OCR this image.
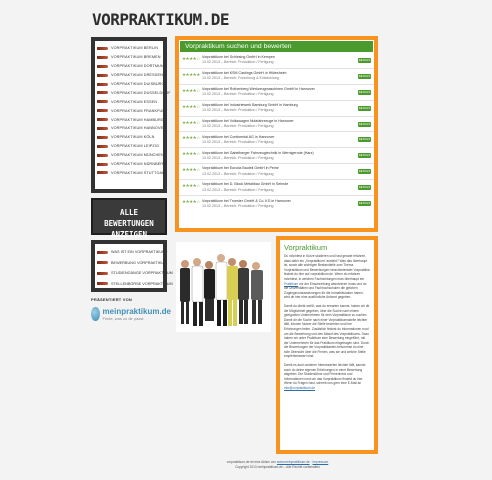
VORPRAKTIKUM.DE
VORPRAKTIKUM BERLIN
VORPRAKTIKUM BREMEN
VORPRAKTIKUM DORTMUND
VORPRAKTIKUM DRESDEN
VORPRAKTIKUM DUISBURG
VORPRAKTIKUM DÜSSELDORF
VORPRAKTIKUM ESSEN
VORPRAKTIKUM FRANKFURT
VORPRAKTIKUM HAMBURG
VORPRAKTIKUM HANNOVER
VORPRAKTIKUM KÖLN
VORPRAKTIKUM LEIPZIG
VORPRAKTIKUM MÜNCHEN
VORPRAKTIKUM NÜRNBERG
VORPRAKTIKUM STUTTGART
ALLE BEWERTUNGEN
ANZEIGEN
WAS IST EIN VORPRAKTIKUM?
BEWERBUNG VORPRAKTIKUM
STUDIENGÄNGE VORPRAKTIKUM
STELLENBÖRSE VORPRAKTIKUM
PRÄSENTIERT VON
meinpraktikum.de
Finde, was zu dir passt
Vorpraktikum suchen und bewerten
★★★★☆ Vorpraktikum bei Schlesing GmbH in Kempen
13.02.2013 – Bereich: Produktion / Fertigung
DETAILS
★★★★★ Vorpraktikum bei KSM Castings GmbH in Hildesheim
13.02.2013 – Bereich: Forschung & Entwicklung
DETAILS
★★★★☆ Vorpraktikum bei Rothenberg Werkzeugmaschinen GmbH in Hannover
13.02.2013 – Bereich: Produktion / Fertigung
DETAILS
★★★★☆ Vorpraktikum bei Industriewerk Bamburg GmbH in Hamburg
13.02.2013 – Bereich: Produktion / Fertigung
DETAILS
★★★★☆ Vorpraktikum bei Volkswagen Nutzfahrzeuge in Hannover
13.02.2013 – Bereich: Produktion / Fertigung
DETAILS
★★★★☆ Vorpraktikum bei Continental AG in Hannover
13.02.2013 – Bereich: Produktion / Fertigung
DETAILS
★★★★☆ Vorpraktikum bei Gabelberger Fahrzeugtechnik in Wernigerode (Harz)
13.02.2013 – Bereich: Produktion / Fertigung
DETAILS
★★★★☆ Vorpraktikum bei Euroda Bauteil GmbH in Peine
13.02.2013 – Bereich: Produktion / Fertigung
DETAILS
★★★★☆ Vorpraktikum bei D. Block Metallbau GmbH in Sehnde
13.02.2013 – Bereich: Produktion / Fertigung
DETAILS
★★★★☆ Vorpraktikum bei Troester GmbH & Co. KG in Hannover
13.02.2013 – Bereich: Produktion / Fertigung
DETAILS
Vorpraktikum

Du möchtest in Kürze studieren und hast gerade erfahren, dass dafür ein „Vorpraktikum“ ansteht? Was das überhaupt ist, sowie alle wichtigen Bestandteile zum Thema Vorpraktikum und Bewerbungen verschiedenster Vorpraktika findest du hier auf vorpraktikum.de. Wenn du erfahren möchtest, in welchen Fachrichtungen man überhaupt ein Praktikum vor der Einschreibung absolvieren muss und ob die Universitäten und Fachhochschulen die gleichen Zugangsvoraussetzungen für die Immatrikulation haben, wird dir hier eine ausführliche Antwort gegeben.

Damit du direkt weißt, was du erwarten kannst, haben wir dir die Möglichkeit gegeben, über die Suche nach einem geeigneten Unternehmen für dein Vorpraktikum zu suchen. Damit dir die Suche nach einer Vorpraktikumsstelle leichter fällt, können Nutzer die Stelle bewerten und ihre Erfahrungen teilen. Zusätzlich findest du Informationen rund um die Bewerbung und den Ablauf des Vorpraktikums. Dazu haben wir unter Praktikum eine Bewertung eingeführt, mit der Unternehmen für das Praktikum eingetragen sind. Durch die Bewertungen der Vorpraktikanten bekommst du eine tolle Übersicht über die Firmen, was sie und welche Stelle empfehlenswert sind.

Damit es auch anderen Interessierten leichter fällt, kannst auch du deine eigenen Erfahrungen in einer Bewertung abgeben. Die Studienlöhne und Firmeninfos und Informationen rund um das Vorpraktikum findest du hier. Wenn du Fragen hast, schreib uns gern eine E-Mail an info@vorpraktikum.de

vorpraktikum.de ist eine Aktion von www.meinpraktikum.de · Impressum
Copyright 2013 meinpraktikum.de – Alle Rechte vorbehalten
